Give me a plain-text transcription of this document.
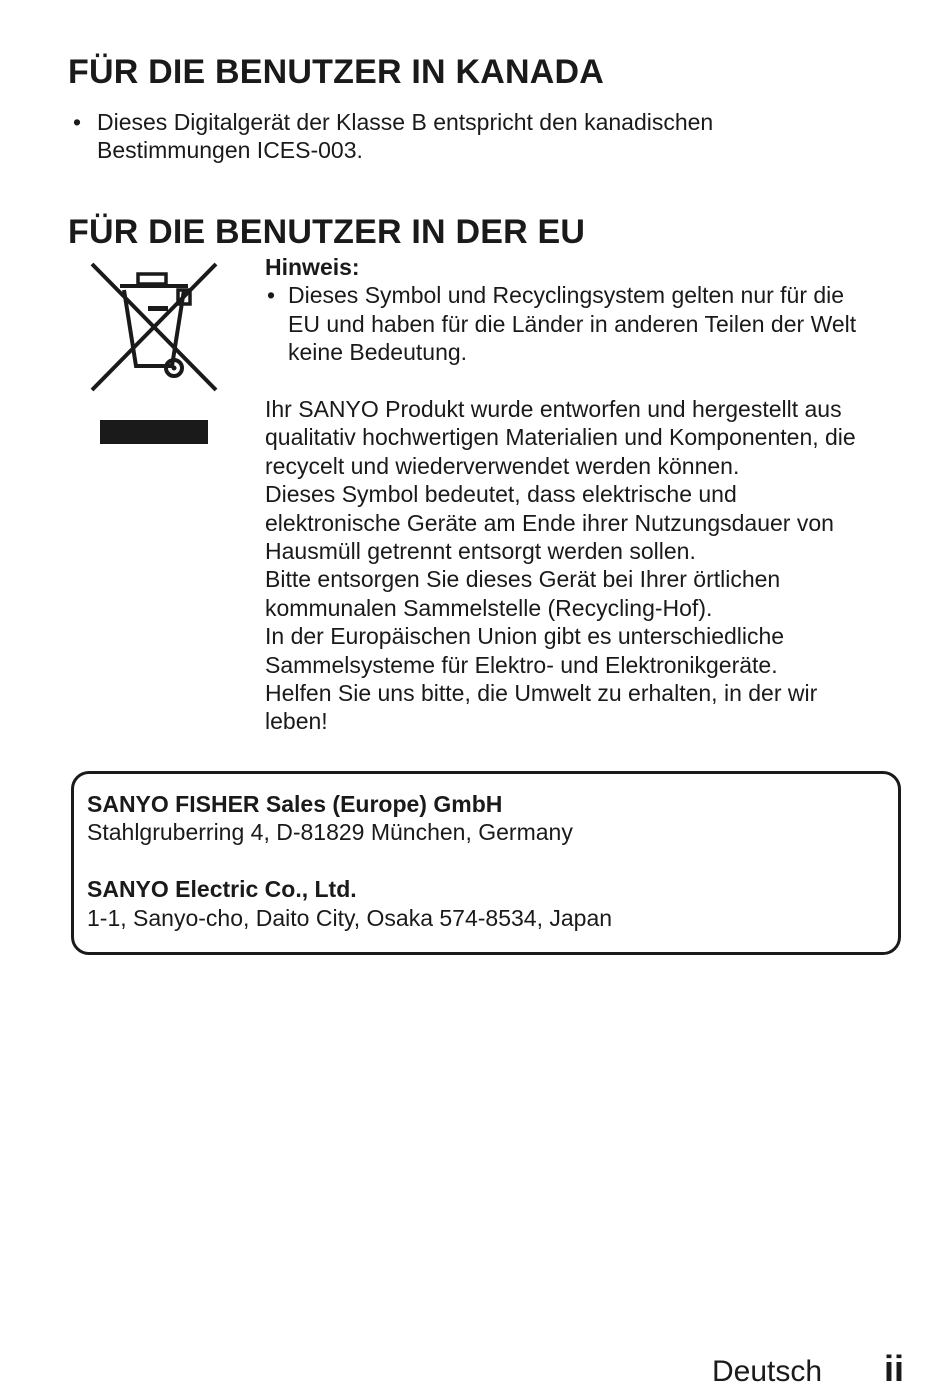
FÜR DIE BENUTZER IN KANADA
• Dieses Digitalgerät der Klasse B entspricht den kanadischen
Bestimmungen ICES-003.
FÜR DIE BENUTZER IN DER EU
Hinweis:
• Dieses Symbol und Recyclingsystem gelten nur für die
EU und haben für die Länder in anderen Teilen der Welt
keine Bedeutung.

Ihr SANYO Produkt wurde entworfen und hergestellt aus

qualitativ hochwertigen Materialien und Komponenten, die

recycelt und wiederverwendet werden können.

Dieses Symbol bedeutet, dass elektrische und

elektronische Geräte am Ende ihrer Nutzungsdauer von

Hausmüll getrennt entsorgt werden sollen.

Bitte entsorgen Sie dieses Gerät bei Ihrer örtlichen

kommunalen Sammelstelle (Recycling-Hof).

In der Europäischen Union gibt es unterschiedliche

Sammelsysteme für Elektro- und Elektronikgeräte.

Helfen Sie uns bitte, die Umwelt zu erhalten, in der wir

leben!

SANYO FISHER Sales (Europe) GmbH
Stahlgruberring 4, D-81829 München, Germany
SANYO Electric Co., Ltd.
1-1, Sanyo-cho, Daito City, Osaka 574-8534, Japan
Deutsch ii
